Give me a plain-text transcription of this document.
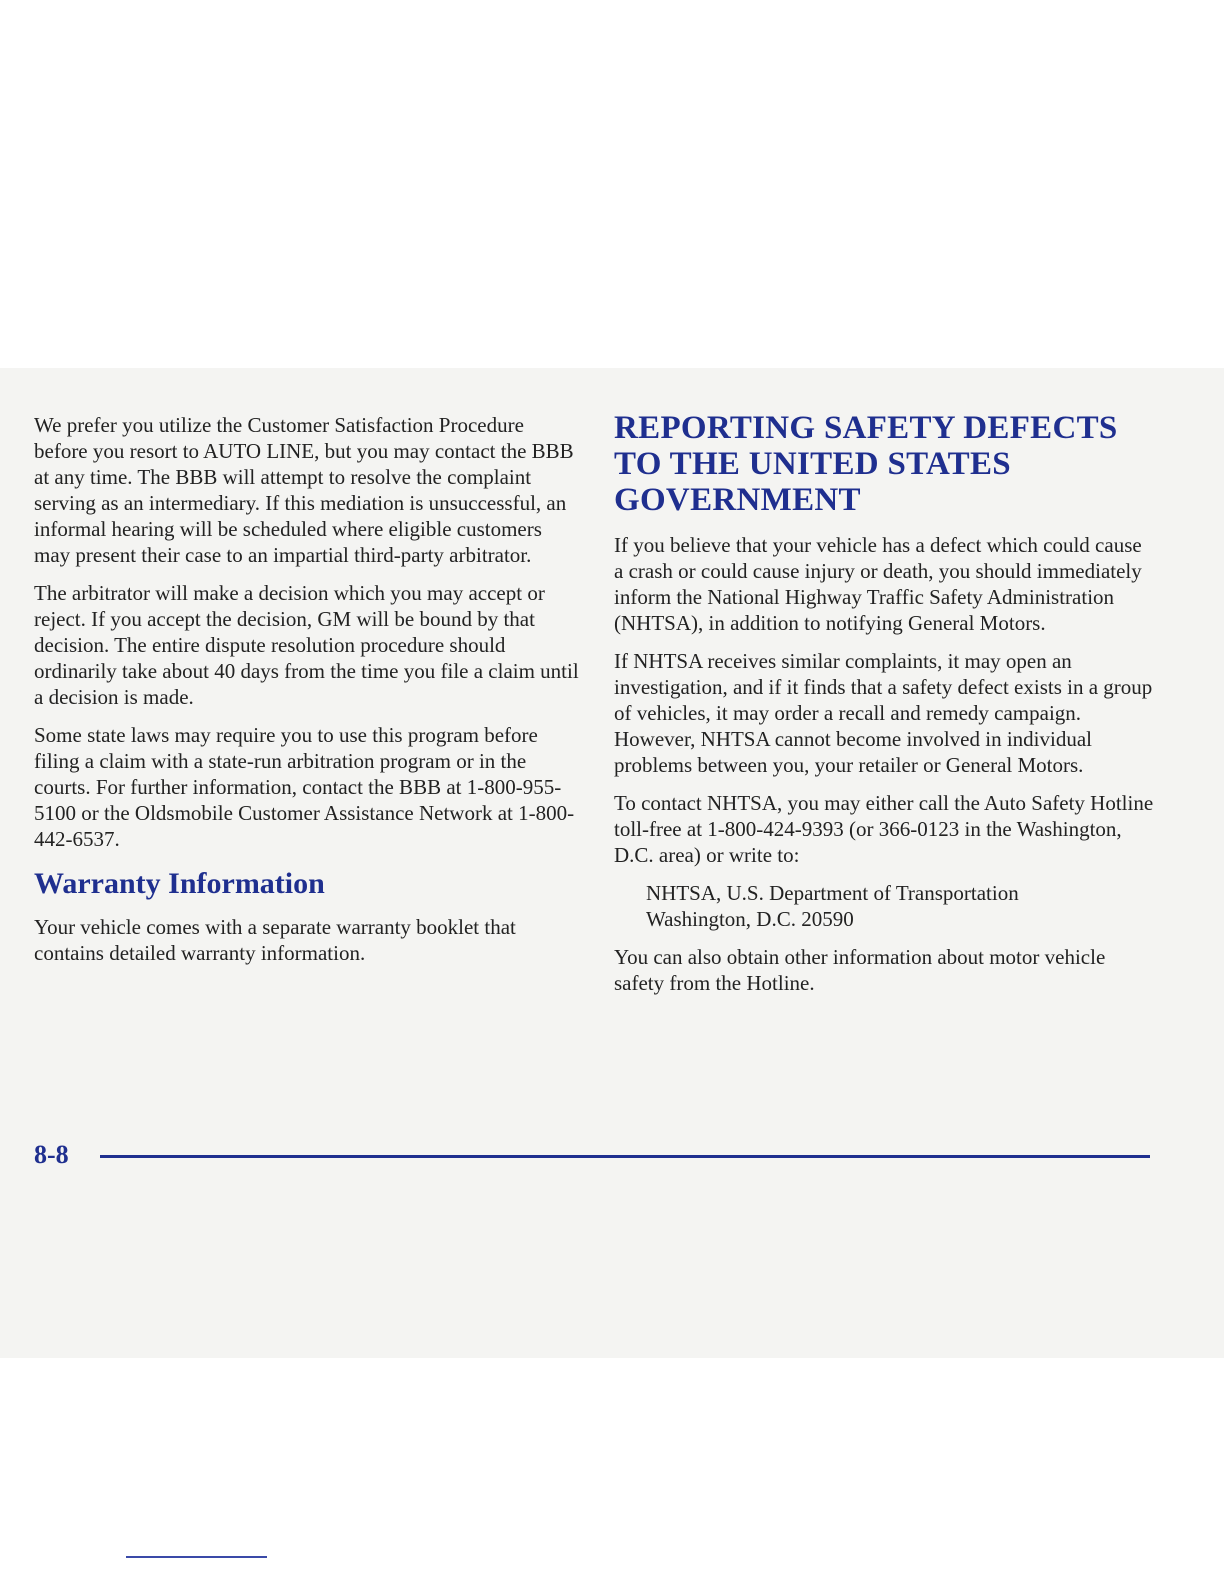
We prefer you utilize the Customer Satisfaction Procedure before you resort to AUTO LINE, but you may contact the BBB at any time. The BBB will attempt to resolve the complaint serving as an intermediary. If this mediation is unsuccessful, an informal hearing will be scheduled where eligible customers may present their case to an impartial third-party arbitrator.

The arbitrator will make a decision which you may accept or reject. If you accept the decision, GM will be bound by that decision. The entire dispute resolution procedure should ordinarily take about 40 days from the time you file a claim until a decision is made.

Some state laws may require you to use this program before filing a claim with a state-run arbitration program or in the courts. For further information, contact the BBB at 1-800-955-5100 or the Oldsmobile Customer Assistance Network at 1-800-442-6537.

Warranty Information

Your vehicle comes with a separate warranty booklet that contains detailed warranty information.

REPORTING SAFETY DEFECTS TO THE UNITED STATES GOVERNMENT

If you believe that your vehicle has a defect which could cause a crash or could cause injury or death, you should immediately inform the National Highway Traffic Safety Administration (NHTSA), in addition to notifying General Motors.

If NHTSA receives similar complaints, it may open an investigation, and if it finds that a safety defect exists in a group of vehicles, it may order a recall and remedy campaign. However, NHTSA cannot become involved in individual problems between you, your retailer or General Motors.

To contact NHTSA, you may either call the Auto Safety Hotline toll-free at 1-800-424-9393 (or 366-0123 in the Washington, D.C. area) or write to:

NHTSA, U.S. Department of Transportation
Washington, D.C. 20590

You can also obtain other information about motor vehicle safety from the Hotline.

8-8
